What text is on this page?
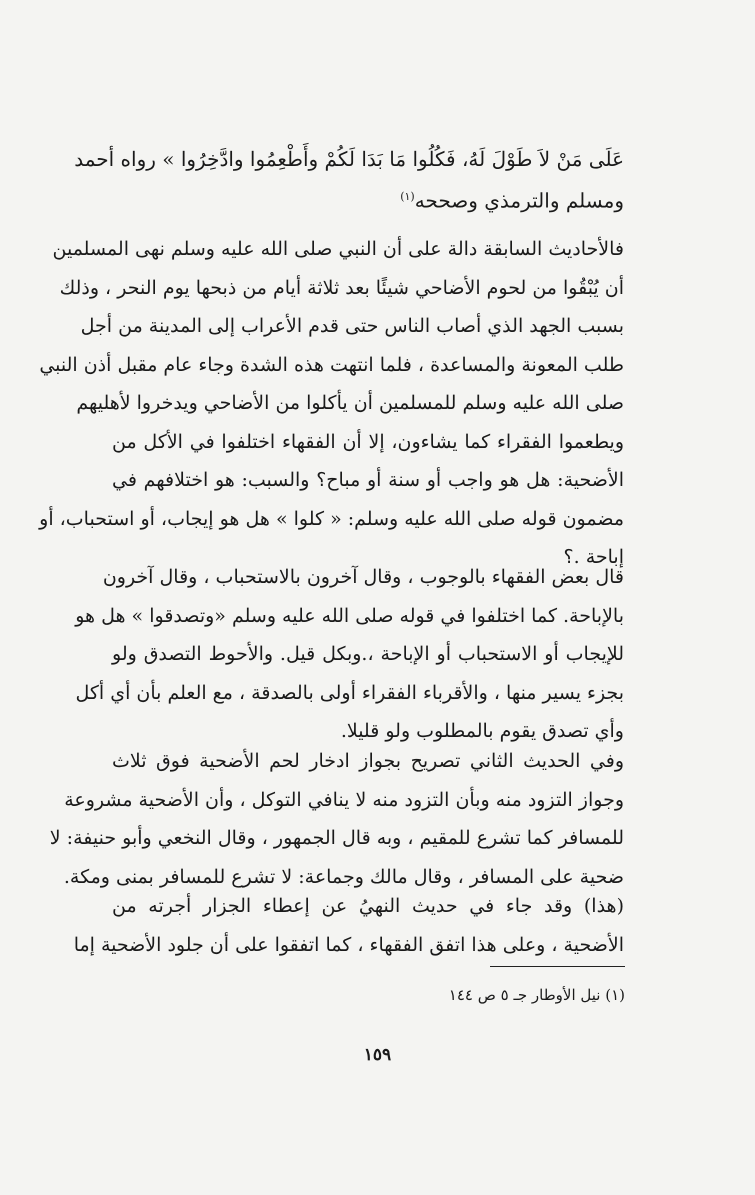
عَلَى مَنْ لاَ طَوْلَ لَهُ، فَكُلُوا مَا بَدَا لَكُمْ وأَطْعِمُوا وادَّخِرُوا » رواه أحمد
ومسلم والترمذي وصححه$^{(١)}$
فالأحاديث السابقة دالة على أن النبي صلى الله عليه وسلم نهى المسلمين
أن يُبْقُوا من لحوم الأضاحي شيئًا بعد ثلاثة أيام من ذبحها يوم النحر ، وذلك
بسبب الجهد الذي أصاب الناس حتى قدم الأعراب إلى المدينة من أجل
طلب المعونة والمساعدة ، فلما انتهت هذه الشدة وجاء عام مقبل أذن النبي
صلى الله عليه وسلم للمسلمين أن يأكلوا من الأضاحي ويدخروا لأهليهم
ويطعموا الفقراء كما يشاءون، إلا أن الفقهاء اختلفوا في الأكل من
الأضحية: هل هو واجب أو سنة أو مباح؟ والسبب: هو اختلافهم في
مضمون قوله صلى الله عليه وسلم: « كلوا » هل هو إيجاب، أو استحباب، أو
إباحة .؟
قال بعض الفقهاء بالوجوب ، وقال آخرون بالاستحباب ، وقال آخرون
بالإباحة. كما اختلفوا في قوله صلى الله عليه وسلم «وتصدقوا » هل هو
للإيجاب أو الاستحباب أو الإباحة ،.وبكل قيل. والأحوط التصدق ولو
بجزء يسير منها ، والأقرباء الفقراء أولى بالصدقة ، مع العلم بأن أي أكل
وأي تصدق يقوم بالمطلوب ولو قليلا.
وفي الحديث الثاني تصريح بجواز ادخار لحم الأضحية فوق ثلاث
وجواز التزود منه وبأن التزود منه لا ينافي التوكل ، وأن الأضحية مشروعة
للمسافر كما تشرع للمقيم ، وبه قال الجمهور ، وقال النخعي وأبو حنيفة: لا
ضحية على المسافر ، وقال مالك وجماعة: لا تشرع للمسافر بمنى ومكة.
(هذا) وقد جاء في حديث النهيُ عن إعطاء الجزار أجرته من
الأضحية ، وعلى هذا اتفق الفقهاء ، كما اتفقوا على أن جلود الأضحية إما
(١) نيل الأوطار جـ ٥ ص ١٤٤
١٥٩
